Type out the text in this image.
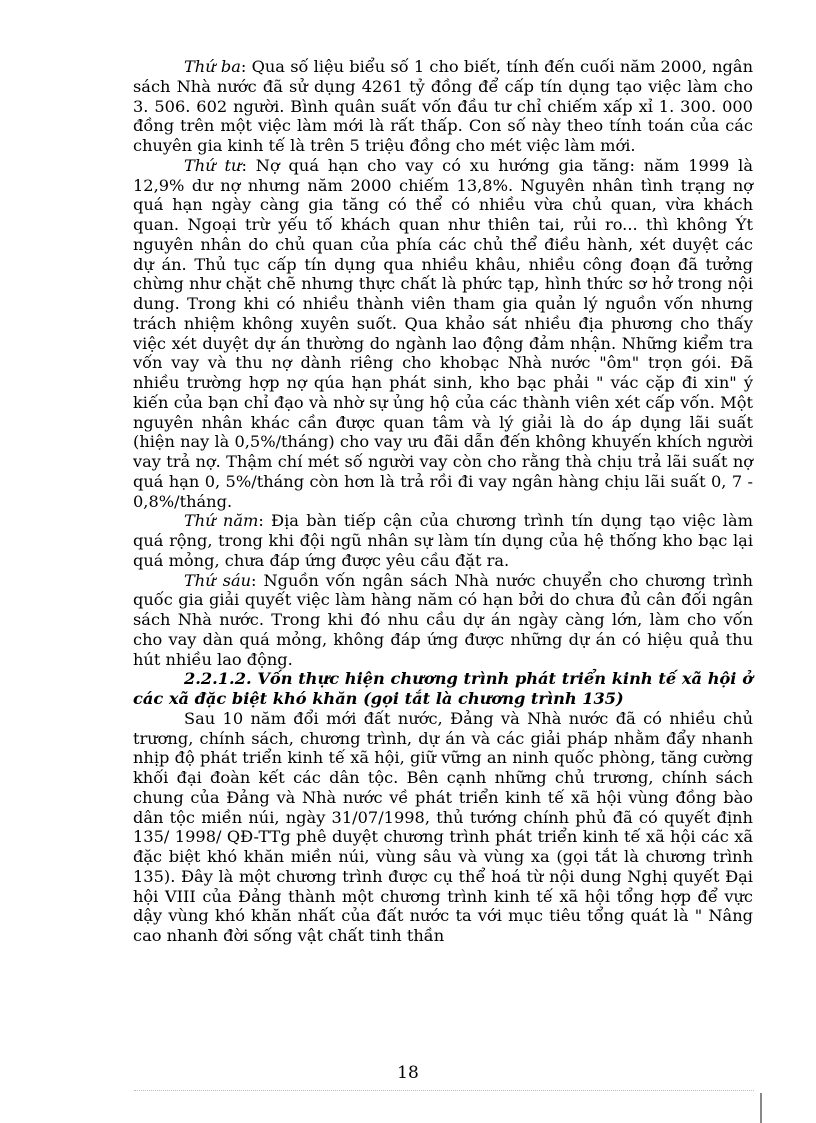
Thứ ba: Qua số liệu biểu số 1 cho biết, tính đến cuối năm 2000, ngân sách Nhà nước đã sử dụng 4261 tỷ đồng để cấp tín dụng tạo việc làm cho 3. 506. 602 người. Bình quân suất vốn đầu tư chỉ chiếm xấp xỉ 1. 300. 000 đồng trên một việc làm mới là rất thấp. Con số này theo tính toán của các chuyên gia kinh tế là trên 5 triệu đồng cho mét việc làm mới.

Thứ tư: Nợ quá hạn cho vay có xu hướng gia tăng: năm 1999 là 12,9% dư nợ nhưng năm 2000 chiếm 13,8%. Nguyên nhân tình trạng nợ quá hạn ngày càng gia tăng có thể có nhiều vừa chủ quan, vừa khách quan. Ngoại trừ yếu tố khách quan như thiên tai, rủi ro... thì không Ýt nguyên nhân do chủ quan của phía các chủ thể điều hành, xét duyệt các dự án. Thủ tục cấp tín dụng qua nhiều khâu, nhiều công đoạn đã tưởng chừng như chặt chẽ nhưng thực chất là phức tạp, hình thức sơ hở trong nội dung. Trong khi có nhiều thành viên tham gia quản lý nguồn vốn nhưng trách nhiệm không xuyên suốt. Qua khảo sát nhiều địa phương cho thấy việc xét duyệt dự án thường do ngành lao động đảm nhận. Những kiểm tra vốn vay và thu nợ dành riêng cho khobạc Nhà nước "ôm" trọn gói. Đã nhiều trường hợp nợ qúa hạn phát sinh, kho bạc phải " vác cặp đi xin" ý kiến của bạn chỉ đạo và nhờ sự ủng hộ của các thành viên xét cấp vốn. Một nguyên nhân khác cần được quan tâm và lý giải là do áp dụng lãi suất (hiện nay là 0,5%/tháng) cho vay ưu đãi dẫn đến không khuyến khích người vay trả nợ. Thậm chí mét số người vay còn cho rằng thà chịu trả lãi suất nợ quá hạn 0, 5%/tháng còn hơn là trả rồi đi vay ngân hàng chịu lãi suất 0, 7 - 0,8%/tháng.

Thứ năm: Địa bàn tiếp cận của chương trình tín dụng tạo việc làm quá rộng, trong khi đội ngũ nhân sự làm tín dụng của hệ thống kho bạc lại quá mỏng, chưa đáp ứng được yêu cầu đặt ra.

Thứ sáu: Nguồn vốn ngân sách Nhà nước chuyển cho chương trình quốc gia giải quyết việc làm hàng năm có hạn bởi do chưa đủ cân đối ngân sách Nhà nước. Trong khi đó nhu cầu dự án ngày càng lớn, làm cho vốn cho vay dàn quá mỏng, không đáp ứng được những dự án có hiệu quả thu hút nhiều lao động.

2.2.1.2. Vốn thực hiện chương trình phát triển kinh tế xã hội ở các xã đặc biệt khó khăn (gọi tắt là chương trình 135)

Sau 10 năm đổi mới đất nước, Đảng và Nhà nước đã có nhiều chủ trương, chính sách, chương trình, dự án và các giải pháp nhằm đẩy nhanh nhịp độ phát triển kinh tế xã hội, giữ vững an ninh quốc phòng, tăng cường khối đại đoàn kết các dân tộc. Bên cạnh những chủ trương, chính sách chung của Đảng và Nhà nước về phát triển kinh tế xã hội vùng đồng bào dân tộc miền núi, ngày 31/07/1998, thủ tướng chính phủ đã có quyết định 135/ 1998/ QĐ-TTg phê duyệt chương trình phát triển kinh tế xã hội các xã đặc biệt khó khăn miền núi, vùng sâu và vùng xa (gọi tắt là chương trình 135). Đây là một chương trình được cụ thể hoá từ nội dung Nghị quyết Đại hội VIII của Đảng thành một chương trình kinh tế xã hội tổng hợp để vực dậy vùng khó khăn nhất của đất nước ta với mục tiêu tổng quát là " Nâng cao nhanh đời sống vật chất tinh thần

18
